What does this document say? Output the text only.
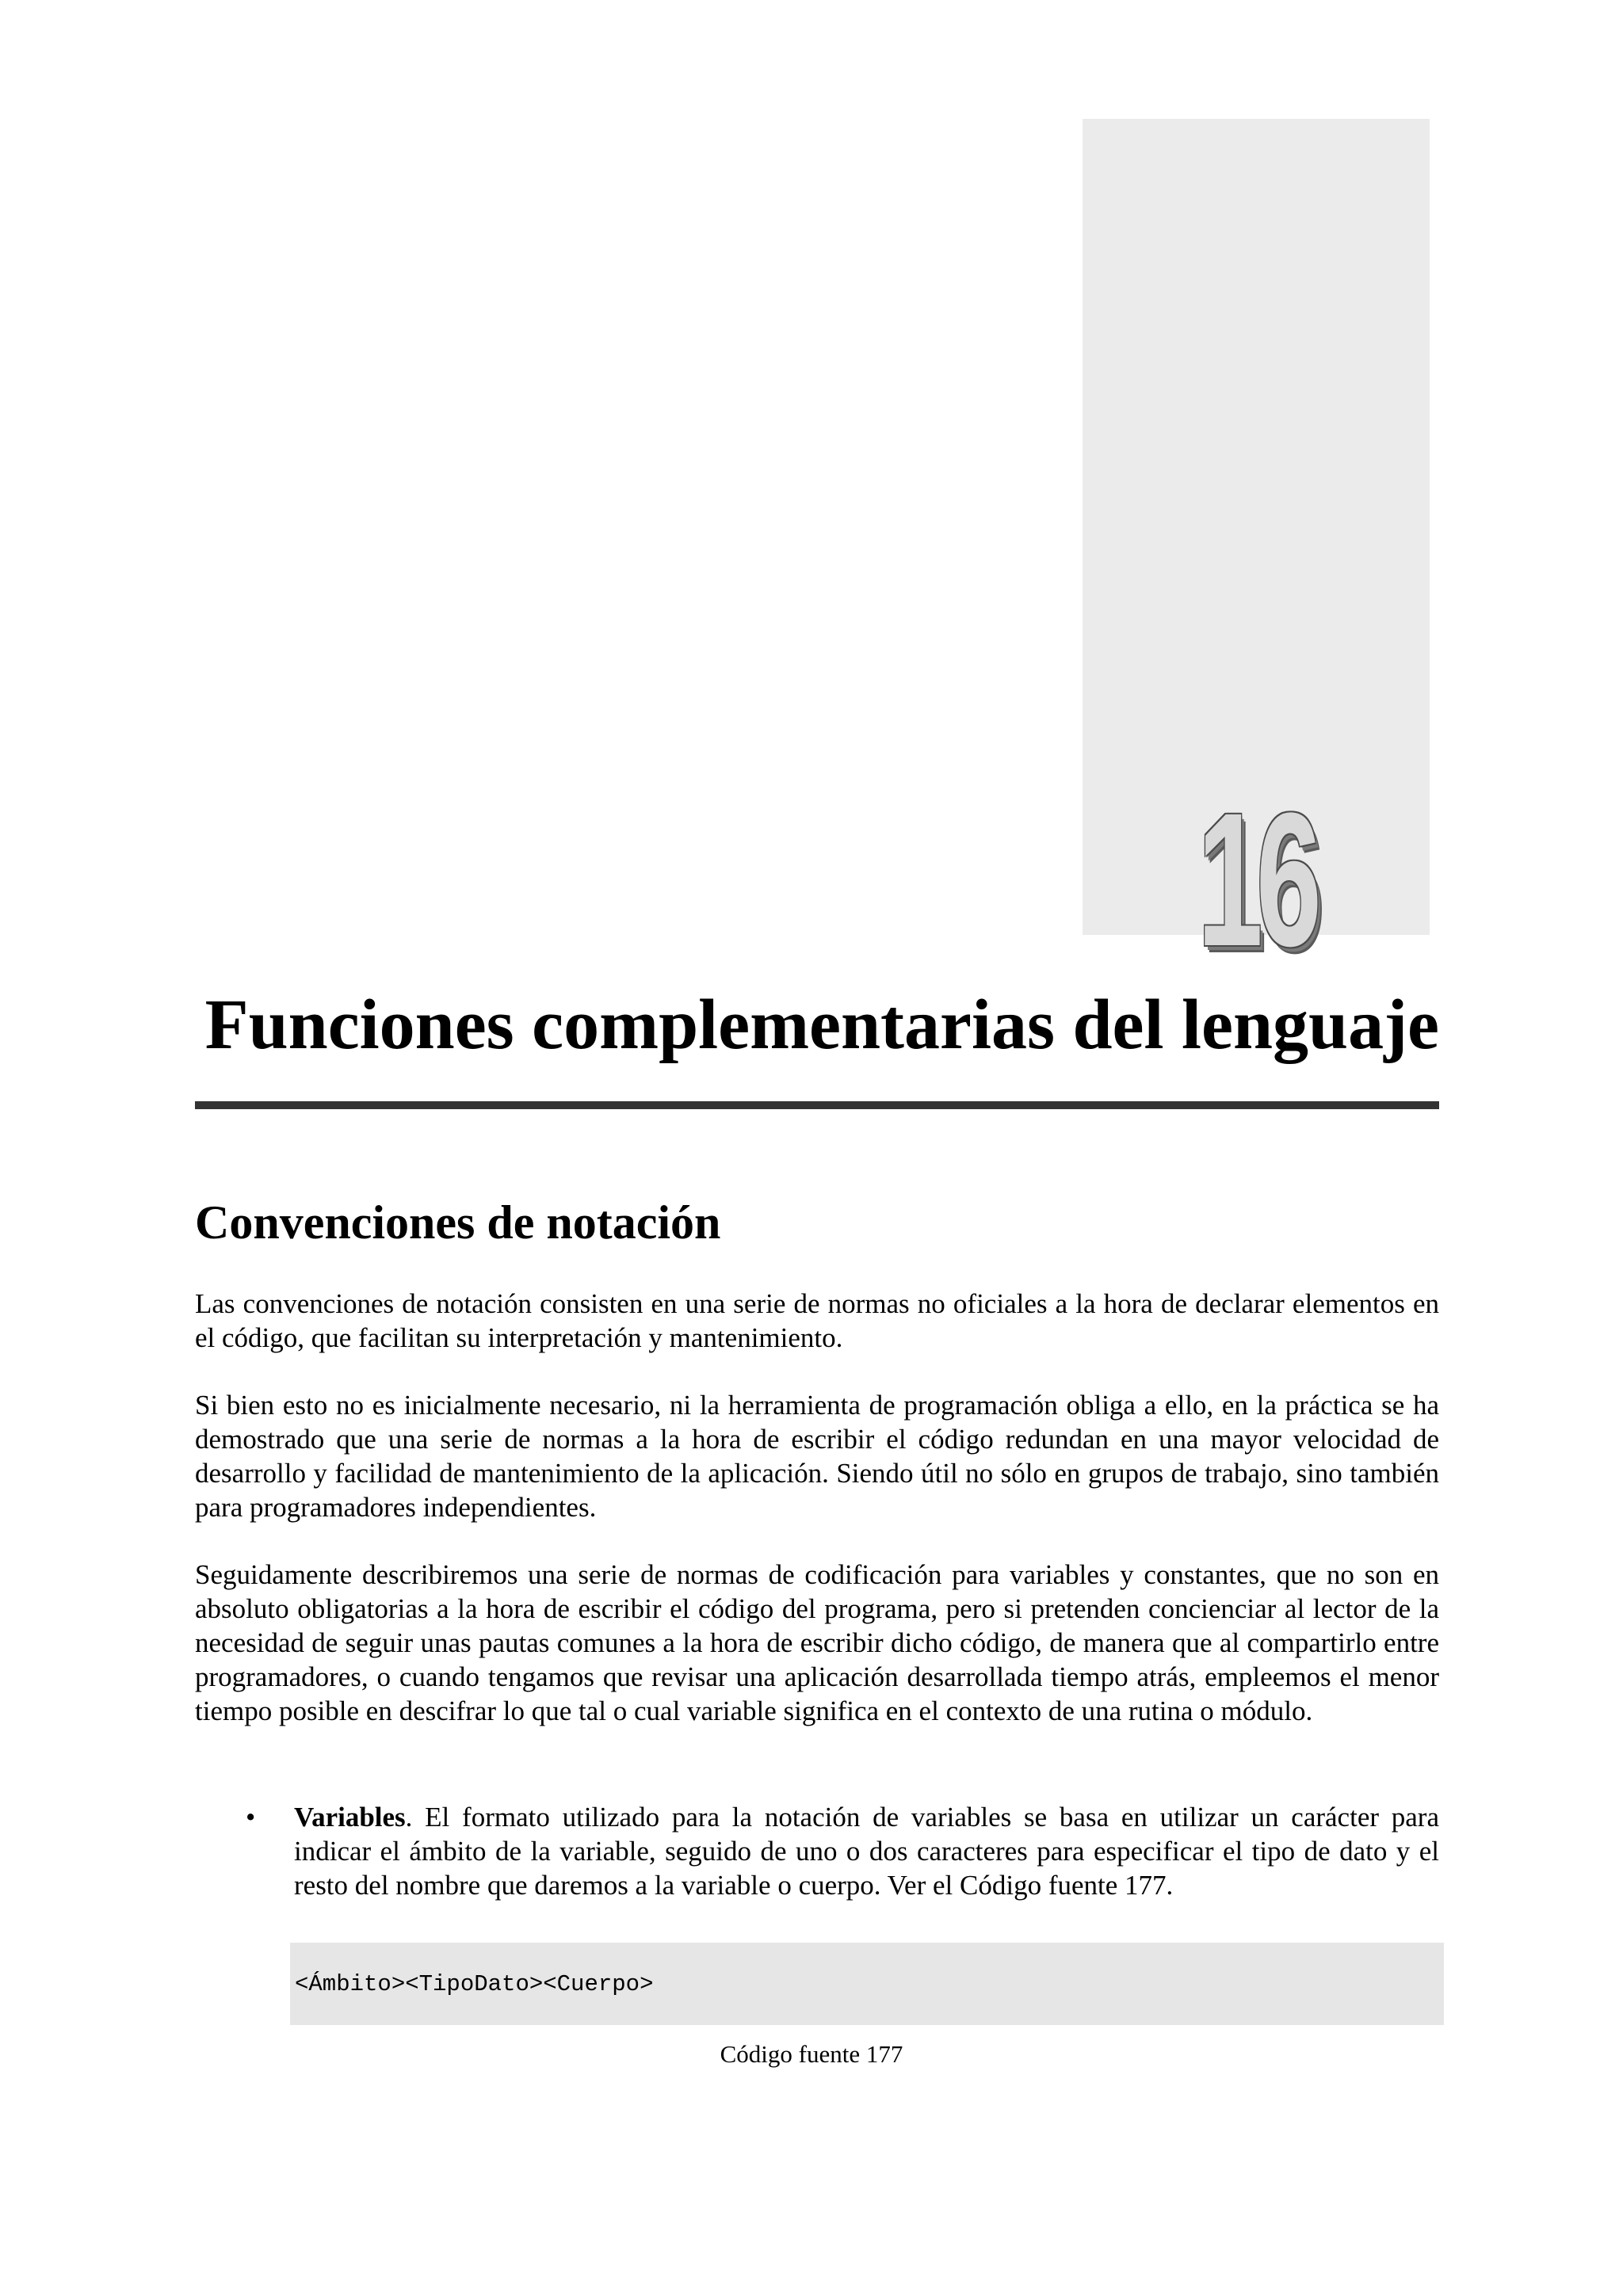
16
Funciones complementarias del lenguaje
Convenciones de notación

Las convenciones de notación consisten en una serie de normas no oficiales a la hora de declarar elementos en el código, que facilitan su interpretación y mantenimiento.

Si bien esto no es inicialmente necesario, ni la herramienta de programación obliga a ello, en la práctica se ha demostrado que una serie de normas a la hora de escribir el código redundan en una mayor velocidad de desarrollo y facilidad de mantenimiento de la aplicación. Siendo útil no sólo en grupos de trabajo, sino también para programadores independientes.

Seguidamente describiremos una serie de normas de codificación para variables y constantes, que no son en absoluto obligatorias a la hora de escribir el código del programa, pero si pretenden concienciar al lector de la necesidad de seguir unas pautas comunes a la hora de escribir dicho código, de manera que al compartirlo entre programadores, o cuando tengamos que revisar una aplicación desarrollada tiempo atrás, empleemos el menor tiempo posible en descifrar lo que tal o cual variable significa en el contexto de una rutina o módulo.

• Variables. El formato utilizado para la notación de variables se basa en utilizar un carácter para indicar el ámbito de la variable, seguido de uno o dos caracteres para especificar el tipo de dato y el resto del nombre que daremos a la variable o cuerpo. Ver el Código fuente 177.
<Ámbito><TipoDato><Cuerpo>
Código fuente 177
